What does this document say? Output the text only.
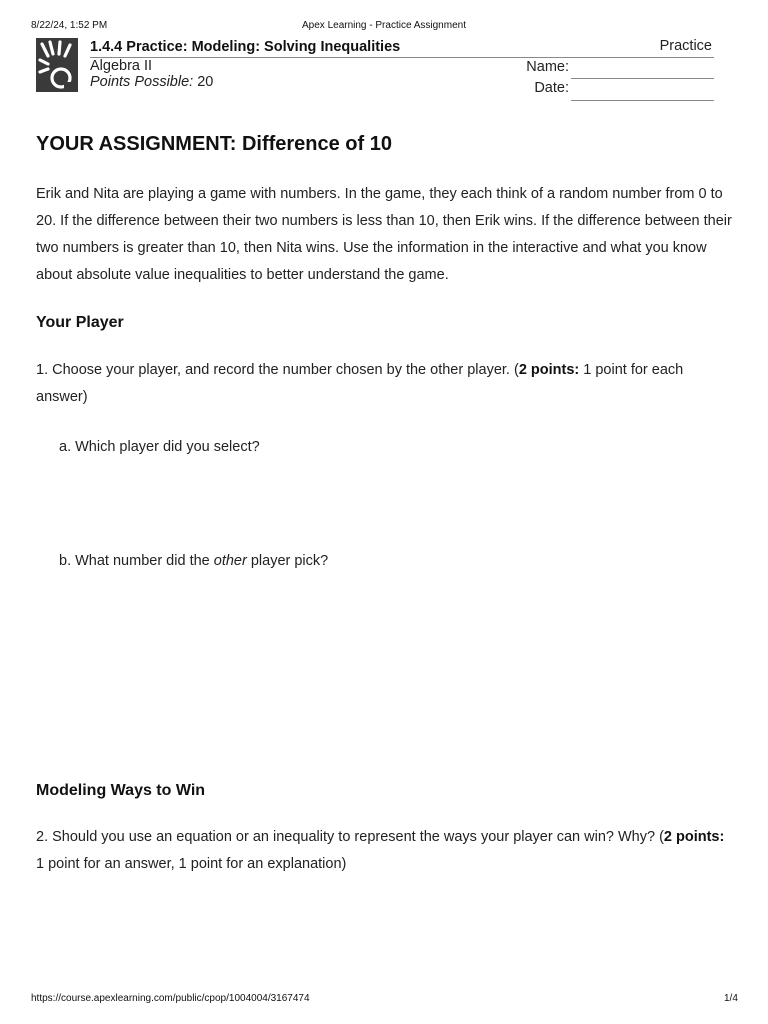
8/22/24, 1:52 PM	Apex Learning - Practice Assignment
1.4.4 Practice: Modeling: Solving Inequalities	Practice
Algebra II
Points Possible: 20
Name:
Date:
YOUR ASSIGNMENT: Difference of 10

Erik and Nita are playing a game with numbers. In the game, they each think of a random number from 0 to 20. If the difference between their two numbers is less than 10, then Erik wins. If the difference between their two numbers is greater than 10, then Nita wins. Use the information in the interactive and what you know about absolute value inequalities to better understand the game.

Your Player

1. Choose your player, and record the number chosen by the other player. (2 points: 1 point for each answer)

a. Which player did you select?
b. What number did the other player pick?
Modeling Ways to Win

2. Should you use an equation or an inequality to represent the ways your player can win? Why? (2 points: 1 point for an answer, 1 point for an explanation)

https://course.apexlearning.com/public/cpop/1004004/3167474	1/4
